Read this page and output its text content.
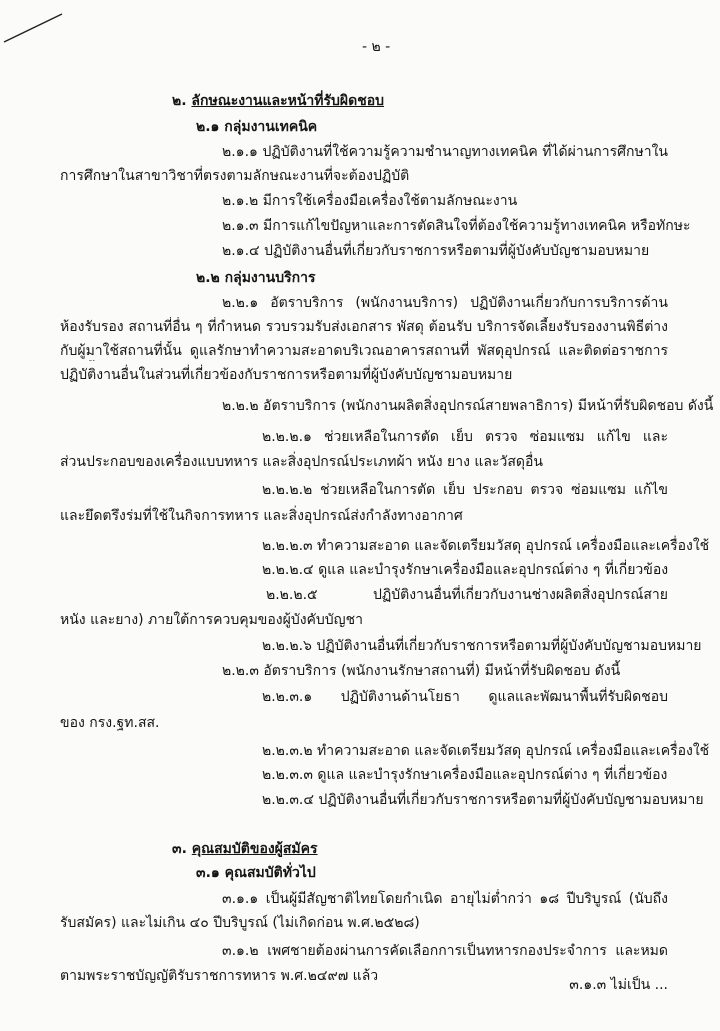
- ๒ -
๒. ลักษณะงานและหน้าที่รับผิดชอบ
๒.๑ กลุ่มงานเทคนิค
๒.๑.๑ ปฏิบัติงานที่ใช้ความรู้ความชำนาญทางเทคนิค ที่ได้ผ่านการศึกษาใน
การศึกษาในสาขาวิชาที่ตรงตามลักษณะงานที่จะต้องปฏิบัติ
๒.๑.๒ มีการใช้เครื่องมือเครื่องใช้ตามลักษณะงาน
๒.๑.๓ มีการแก้ไขปัญหาและการตัดสินใจที่ต้องใช้ความรู้ทางเทคนิค หรือทักษะ
๒.๑.๔ ปฏิบัติงานอื่นที่เกี่ยวกับราชการหรือตามที่ผู้บังคับบัญชามอบหมาย
๒.๒ กลุ่มงานบริการ
๒.๒.๑ อัตราบริการ (พนักงานบริการ) ปฏิบัติงานเกี่ยวกับการบริการด้าน
ห้องรับรอง สถานที่อื่น ๆ ที่กำหนด รวบรวมรับส่งเอกสาร พัสดุ ต้อนรับ บริการจัดเลี้ยงรับรองงานพิธีต่าง
กับผู้มาใช้สถานที่นั้น ดูแลรักษาทำความสะอาดบริเวณอาคารสถานที่ พัสดุอุปกรณ์ และติดต่อราชการ
ปฏิบัติงานอื่นในส่วนที่เกี่ยวข้องกับราชการหรือตามที่ผู้บังคับบัญชามอบหมาย
๒.๒.๒ อัตราบริการ (พนักงานผลิตสิ่งอุปกรณ์สายพลาธิการ) มีหน้าที่รับผิดชอบ ดังนี้
๒.๒.๒.๑ ช่วยเหลือในการตัด เย็บ ตรวจ ซ่อมแซม แก้ไข และ
ส่วนประกอบของเครื่องแบบทหาร และสิ่งอุปกรณ์ประเภทผ้า หนัง ยาง และวัสดุอื่น
๒.๒.๒.๒ ช่วยเหลือในการตัด เย็บ ประกอบ ตรวจ ซ่อมแซม แก้ไข
และยึดตรึงร่มที่ใช้ในกิจการทหาร และสิ่งอุปกรณ์ส่งกำลังทางอากาศ
๒.๒.๒.๓ ทำความสะอาด และจัดเตรียมวัสดุ อุปกรณ์ เครื่องมือและเครื่องใช้
๒.๒.๒.๔ ดูแล และบำรุงรักษาเครื่องมือและอุปกรณ์ต่าง ๆ ที่เกี่ยวข้อง
๒.๒.๒.๕ ปฏิบัติงานอื่นที่เกี่ยวกับงานช่างผลิตสิ่งอุปกรณ์สาย
หนัง และยาง) ภายใต้การควบคุมของผู้บังคับบัญชา
๒.๒.๒.๖ ปฏิบัติงานอื่นที่เกี่ยวกับราชการหรือตามที่ผู้บังคับบัญชามอบหมาย
๒.๒.๓ อัตราบริการ (พนักงานรักษาสถานที่) มีหน้าที่รับผิดชอบ ดังนี้
๒.๒.๓.๑ ปฏิบัติงานด้านโยธา ดูแลและพัฒนาพื้นที่รับผิดชอบ
ของ กรง.ฐท.สส.
๒.๒.๓.๒ ทำความสะอาด และจัดเตรียมวัสดุ อุปกรณ์ เครื่องมือและเครื่องใช้
๒.๒.๓.๓ ดูแล และบำรุงรักษาเครื่องมือและอุปกรณ์ต่าง ๆ ที่เกี่ยวข้อง
๒.๒.๓.๔ ปฏิบัติงานอื่นที่เกี่ยวกับราชการหรือตามที่ผู้บังคับบัญชามอบหมาย
๓. คุณสมบัติของผู้สมัคร
๓.๑ คุณสมบัติทั่วไป
๓.๑.๑ เป็นผู้มีสัญชาติไทยโดยกำเนิด อายุไม่ต่ำกว่า ๑๘ ปีบริบูรณ์ (นับถึง
รับสมัคร) และไม่เกิน ๔๐ ปีบริบูรณ์ (ไม่เกิดก่อน พ.ศ.๒๕๒๘)
๓.๑.๒ เพศชายต้องผ่านการคัดเลือกการเป็นทหารกองประจำการ และหมด
ตามพระราชบัญญัติรับราชการทหาร พ.ศ.๒๔๙๗ แล้ว
๓.๑.๓ ไม่เป็น ...
